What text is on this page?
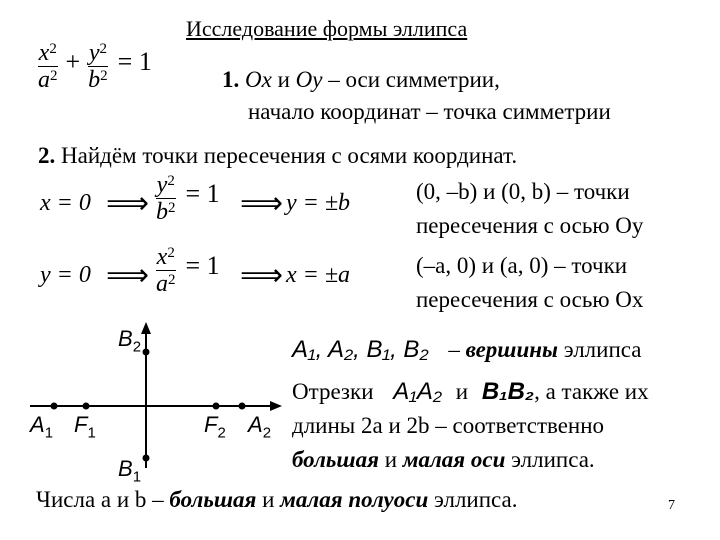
Исследование формы эллипса
$\frac{x^2}{a^2} + \frac{y^2}{b^2} = 1$
1. Ox и Oy – оси симметрии,
начало координат – точка симметрии
2. Найдём точки пересечения с осями координат.
x = 0 ⟹ $\frac{y^2}{b^2} = 1$ ⟹ y = ±b	(0, –b) и (0, b) – точки
пересечения с осью Oy
y = 0 ⟹ $\frac{x^2}{a^2} = 1$ ⟹ x = ±a	(–a, 0) и (a, 0) – точки
пересечения с осью Ox
$B_2$
$B_1$
$A_1$ $F_1$	$F_2$ $A_2$
A₁, A₂, B₁, B₂ – вершины эллипса
Отрезки A₁A₂ и B₁B₂, а также их
длины 2a и 2b – соответственно
большая и малая оси эллипса.
Числа a и b – большая и малая полуоси эллипса.	7
